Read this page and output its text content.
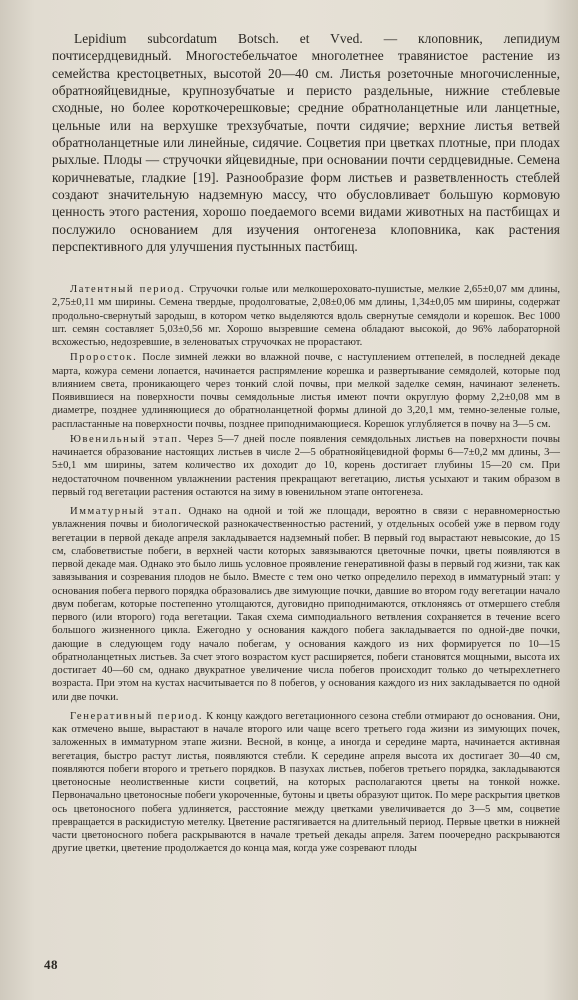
Lepidium subcordatum Botsch. et Vved. — клоповник, лепидиум почтисердцевидный. Многостебельчатое многолетнее травянистое растение из семейства крестоцветных, высотой 20—40 см. Листья розеточные многочисленные, обратнояйцевидные, крупнозубчатые и перисто раздельные, нижние стеблевые сходные, но более короткочерешковые; средние обратноланцетные или ланцетные, цельные или на верхушке трехзубчатые, почти сидячие; верхние листья ветвей обратноланцетные или линейные, сидячие. Соцветия при цветках плотные, при плодах рыхлые. Плоды — стручочки яйцевидные, при основании почти сердцевидные. Семена коричневатые, гладкие [19]. Разнообразие форм листьев и разветвленность стеблей создают значительную надземную массу, что обусловливает большую кормовую ценность этого растения, хорошо поедаемого всеми видами животных на пастбищах и послужило основанием для изучения онтогенеза клоповника, как растения перспективного для улучшения пустынных пастбищ.

Латентный период. Стручочки голые или мелкошероховато-пушистые, мелкие 2,65±0,07 мм длины, 2,75±0,11 мм ширины. Семена твердые, продолговатые, 2,08±0,06 мм длины, 1,34±0,05 мм ширины, содержат продольно-свернутый зародыш, в котором четко выделяются вдоль свернутые семядоли и корешок. Вес 1000 шт. семян составляет 5,03±0,56 мг. Хорошо вызревшие семена обладают высокой, до 96% лабораторной всхожестью, недозревшие, в зеленоватых стручочках не прорастают.

Проросток. После зимней лежки во влажной почве, с наступлением оттепелей, в последней декаде марта, кожура семени лопается, начинается распрямление корешка и развертывание семядолей, которые под влиянием света, проникающего через тонкий слой почвы, при мелкой заделке семян, начинают зеленеть. Появившиеся на поверхности почвы семядольные листья имеют почти округлую форму 2,2±0,08 мм в диаметре, позднее удлиняющиеся до обратноланцетной формы длиной до 3,20,1 мм, темно-зеленые голые, распластанные на поверхности почвы, позднее приподнимающиеся. Корешок углубляется в почву на 3—5 см.

Ювенильный этап. Через 5—7 дней после появления семядольных листьев на поверхности почвы начинается образование настоящих листьев в числе 2—5 обратнояйцевидной формы 6—7±0,2 мм длины, 3—5±0,1 мм ширины, затем количество их доходит до 10, корень достигает глубины 15—20 см. При недостаточном почвенном увлажнении растения прекращают вегетацию, листья усыхают и таким образом в первый год вегетации растения остаются на зиму в ювенильном этапе онтогенеза.

Имматурный этап. Однако на одной и той же площади, вероятно в связи с неравномерностью увлажнения почвы и биологической разнокачественностью растений, у отдельных особей уже в первом году вегетации в первой декаде апреля закладывается надземный побег. В первый год вырастают невысокие, до 15 см, слабоветвистые побеги, в верхней части которых завязываются цветочные почки, цветы появляются в первой декаде мая. Однако это было лишь условное проявление генеративной фазы в первый год жизни, так как завязывания и созревания плодов не было. Вместе с тем оно четко определило переход в имматурный этап: у основания побега первого порядка образовались две зимующие почки, давшие во втором году вегетации начало двум побегам, которые постепенно утолщаются, дуговидно приподнимаются, отклоняясь от отмершего стебля первого (или второго) года вегетации. Такая схема симподиального ветвления сохраняется в течение всего большого жизненного цикла. Ежегодно у основания каждого побега закладывается по одной-две почки, дающие в следующем году начало побегам, у основания каждого из них формируется по 10—15 обратноланцетных листьев. За счет этого возрастом куст расширяется, побеги становятся мощными, высота их достигает 40—60 см, однако двукратное увеличение числа побегов происходит только до четырехлетнего возраста. При этом на кустах насчитывается по 8 побегов, у основания каждого из них закладывается по одной или две почки.

Генеративный период. К концу каждого вегетационного сезона стебли отмирают до основания. Они, как отмечено выше, вырастают в начале второго или чаще всего третьего года жизни из зимующих почек, заложенных в имматурном этапе жизни. Весной, в конце, а иногда и середине марта, начинается активная вегетация, быстро растут листья, появляются стебли. К середине апреля высота их достигает 30—40 см, появляются побеги второго и третьего порядков. В пазухах листьев, побегов третьего порядка, закладываются цветоносные неолиственные кисти соцветий, на которых располагаются цветы на тонкой ножке. Первоначально цветоносные побеги укороченные, бутоны и цветы образуют щиток. По мере раскрытия цветков ось цветоносного побега удлиняется, расстояние между цветками увеличивается до 3—5 мм, соцветие превращается в раскидистую метелку. Цветение растягивается на длительный период. Первые цветки в нижней части цветоносного побега раскрываются в начале третьей декады апреля. Затем поочередно раскрываются другие цветки, цветение продолжается до конца мая, когда уже созревают плоды

48
